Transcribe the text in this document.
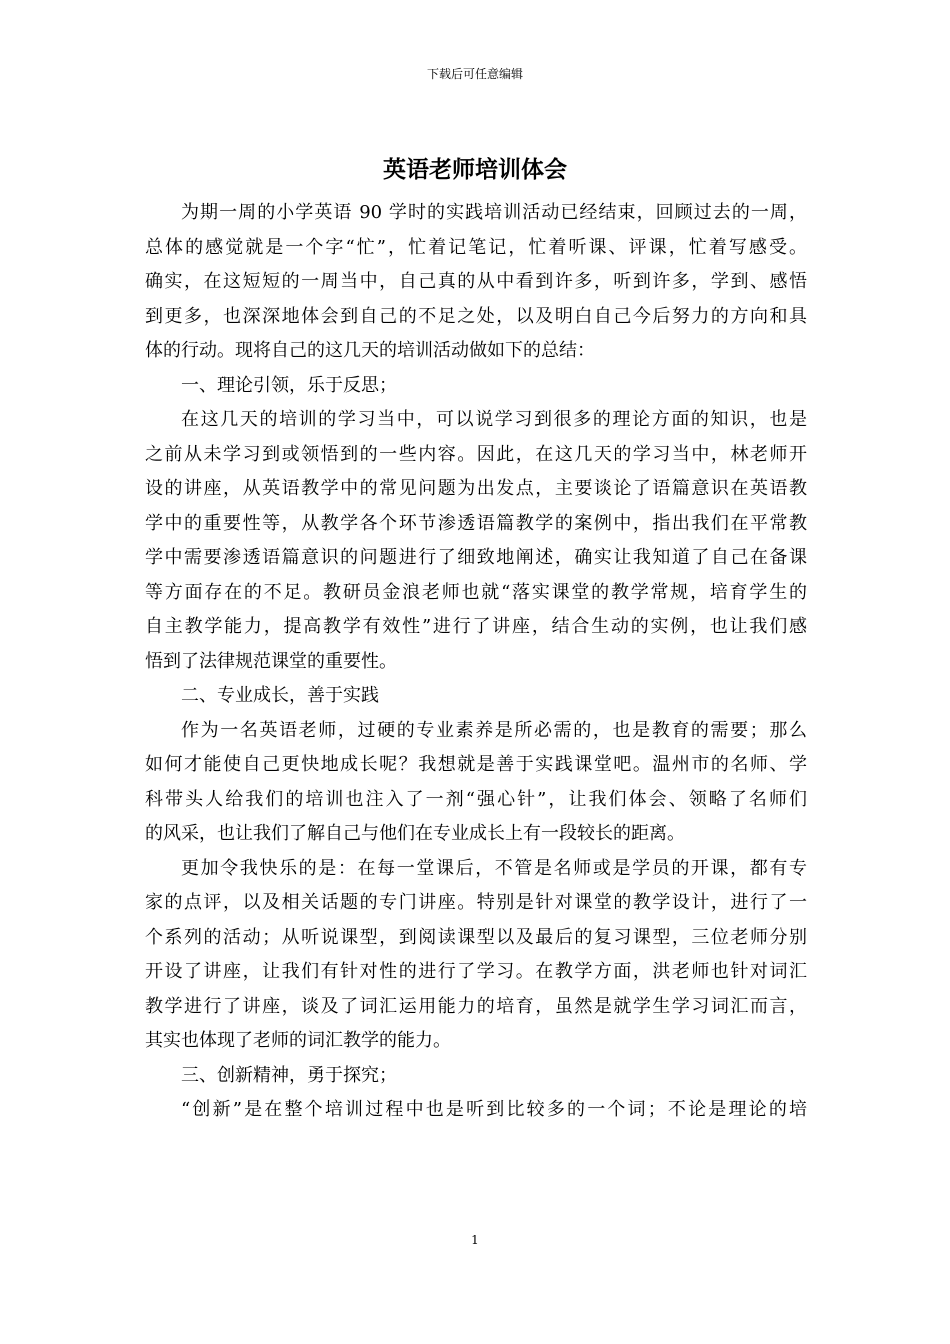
下载后可任意编辑
英语老师培训体会
为期一周的小学英语 90 学时的实践培训活动已经结束，回顾过去的一周，
总体的感觉就是一个字“忙”，忙着记笔记，忙着听课、评课，忙着写感受。
确实，在这短短的一周当中，自己真的从中看到许多，听到许多，学到、感悟
到更多，也深深地体会到自己的不足之处，以及明白自己今后努力的方向和具
体的行动。现将自己的这几天的培训活动做如下的总结：
一、理论引领，乐于反思；
在这几天的培训的学习当中，可以说学习到很多的理论方面的知识，也是
之前从未学习到或领悟到的一些内容。因此，在这几天的学习当中，林老师开
设的讲座，从英语教学中的常见问题为出发点，主要谈论了语篇意识在英语教
学中的重要性等，从教学各个环节渗透语篇教学的案例中，指出我们在平常教
学中需要渗透语篇意识的问题进行了细致地阐述，确实让我知道了自己在备课
等方面存在的不足。教研员金浪老师也就“落实课堂的教学常规，培育学生的
自主教学能力，提高教学有效性”进行了讲座，结合生动的实例，也让我们感
悟到了法律规范课堂的重要性。
二、专业成长，善于实践
作为一名英语老师，过硬的专业素养是所必需的，也是教育的需要；那么
如何才能使自己更快地成长呢？我想就是善于实践课堂吧。温州市的名师、学
科带头人给我们的培训也注入了一剂“强心针”，让我们体会、领略了名师们
的风采，也让我们了解自己与他们在专业成长上有一段较长的距离。
更加令我快乐的是：在每一堂课后，不管是名师或是学员的开课，都有专
家的点评，以及相关话题的专门讲座。特别是针对课堂的教学设计，进行了一
个系列的活动；从听说课型，到阅读课型以及最后的复习课型，三位老师分别
开设了讲座，让我们有针对性的进行了学习。在教学方面，洪老师也针对词汇
教学进行了讲座，谈及了词汇运用能力的培育，虽然是就学生学习词汇而言，
其实也体现了老师的词汇教学的能力。
三、创新精神，勇于探究；
“创新”是在整个培训过程中也是听到比较多的一个词；不论是理论的培
1
